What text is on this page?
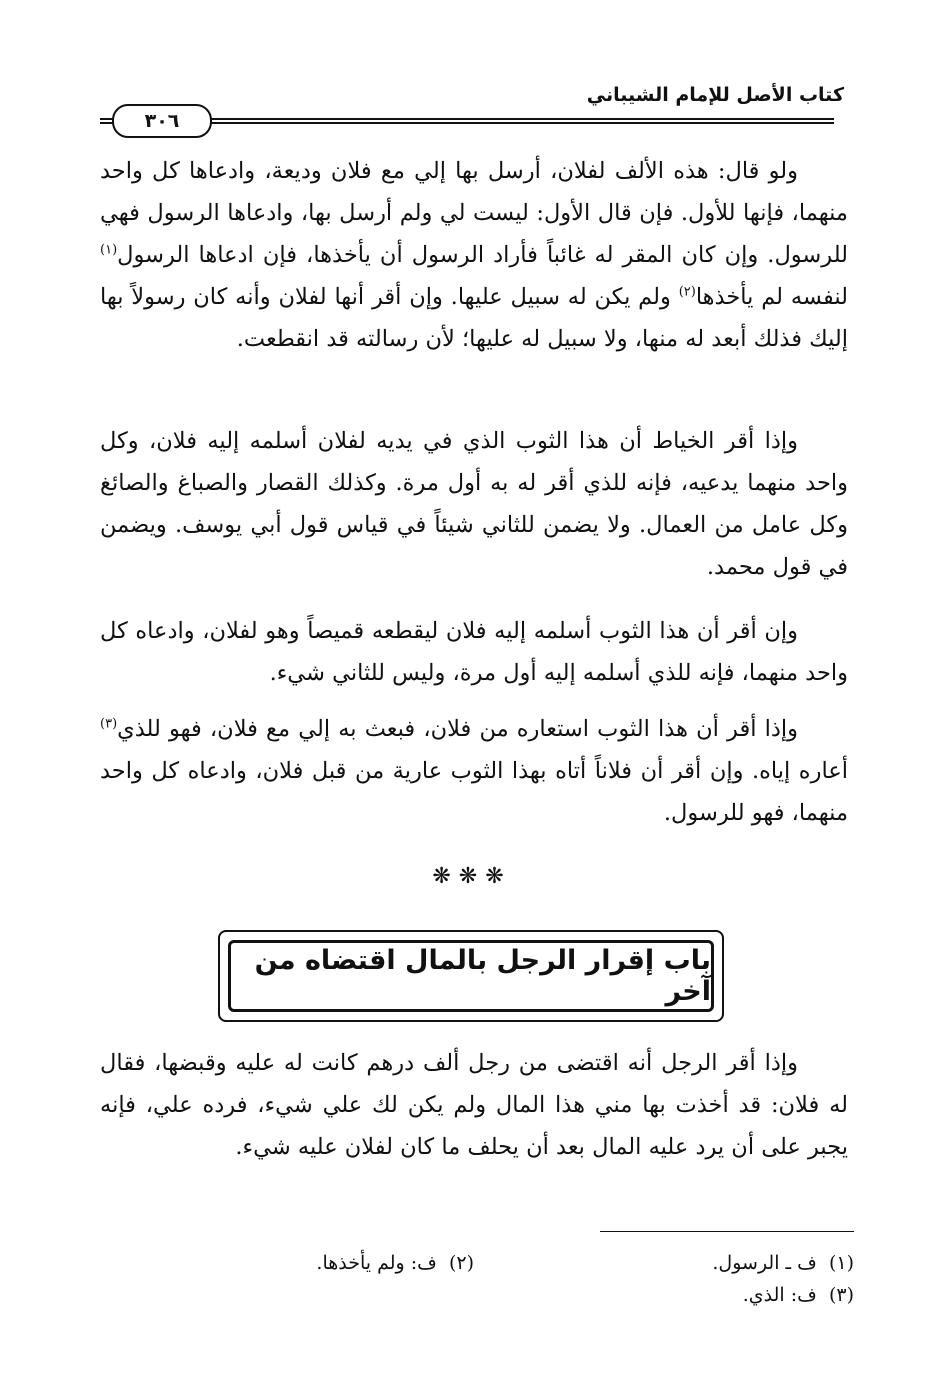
كتاب الأصل للإمام الشيباني
٣٠٦

ولو قال: هذه الألف لفلان، أرسل بها إلي مع فلان وديعة، وادعاها كل واحد منهما، فإنها للأول. فإن قال الأول: ليست لي ولم أرسل بها، وادعاها الرسول فهي للرسول. وإن كان المقر له غائباً فأراد الرسول أن يأخذها، فإن ادعاها الرسول$^{(١)}$ لنفسه لم يأخذها$^{(٢)}$ ولم يكن له سبيل عليها. وإن أقر أنها لفلان وأنه كان رسولاً بها إليك فذلك أبعد له منها، ولا سبيل له عليها؛ لأن رسالته قد انقطعت.

وإذا أقر الخياط أن هذا الثوب الذي في يديه لفلان أسلمه إليه فلان، وكل واحد منهما يدعيه، فإنه للذي أقر له به أول مرة. وكذلك القصار والصباغ والصائغ وكل عامل من العمال. ولا يضمن للثاني شيئاً في قياس قول أبي يوسف. ويضمن في قول محمد.

وإن أقر أن هذا الثوب أسلمه إليه فلان ليقطعه قميصاً وهو لفلان، وادعاه كل واحد منهما، فإنه للذي أسلمه إليه أول مرة، وليس للثاني شيء.

وإذا أقر أن هذا الثوب استعاره من فلان، فبعث به إلي مع فلان، فهو للذي$^{(٣)}$ أعاره إياه. وإن أقر أن فلاناً أتاه بهذا الثوب عارية من قبل فلان، وادعاه كل واحد منهما، فهو للرسول.

❋❋❋
باب إقرار الرجل بالمال اقتضاه من آخر

وإذا أقر الرجل أنه اقتضى من رجل ألف درهم كانت له عليه وقبضها، فقال له فلان: قد أخذت بها مني هذا المال ولم يكن لك علي شيء، فرده علي، فإنه يجبر على أن يرد عليه المال بعد أن يحلف ما كان لفلان عليه شيء.

(١)  ف ـ الرسول.
(٢)  ف: ولم يأخذها.
(٣)  ف: الذي.
